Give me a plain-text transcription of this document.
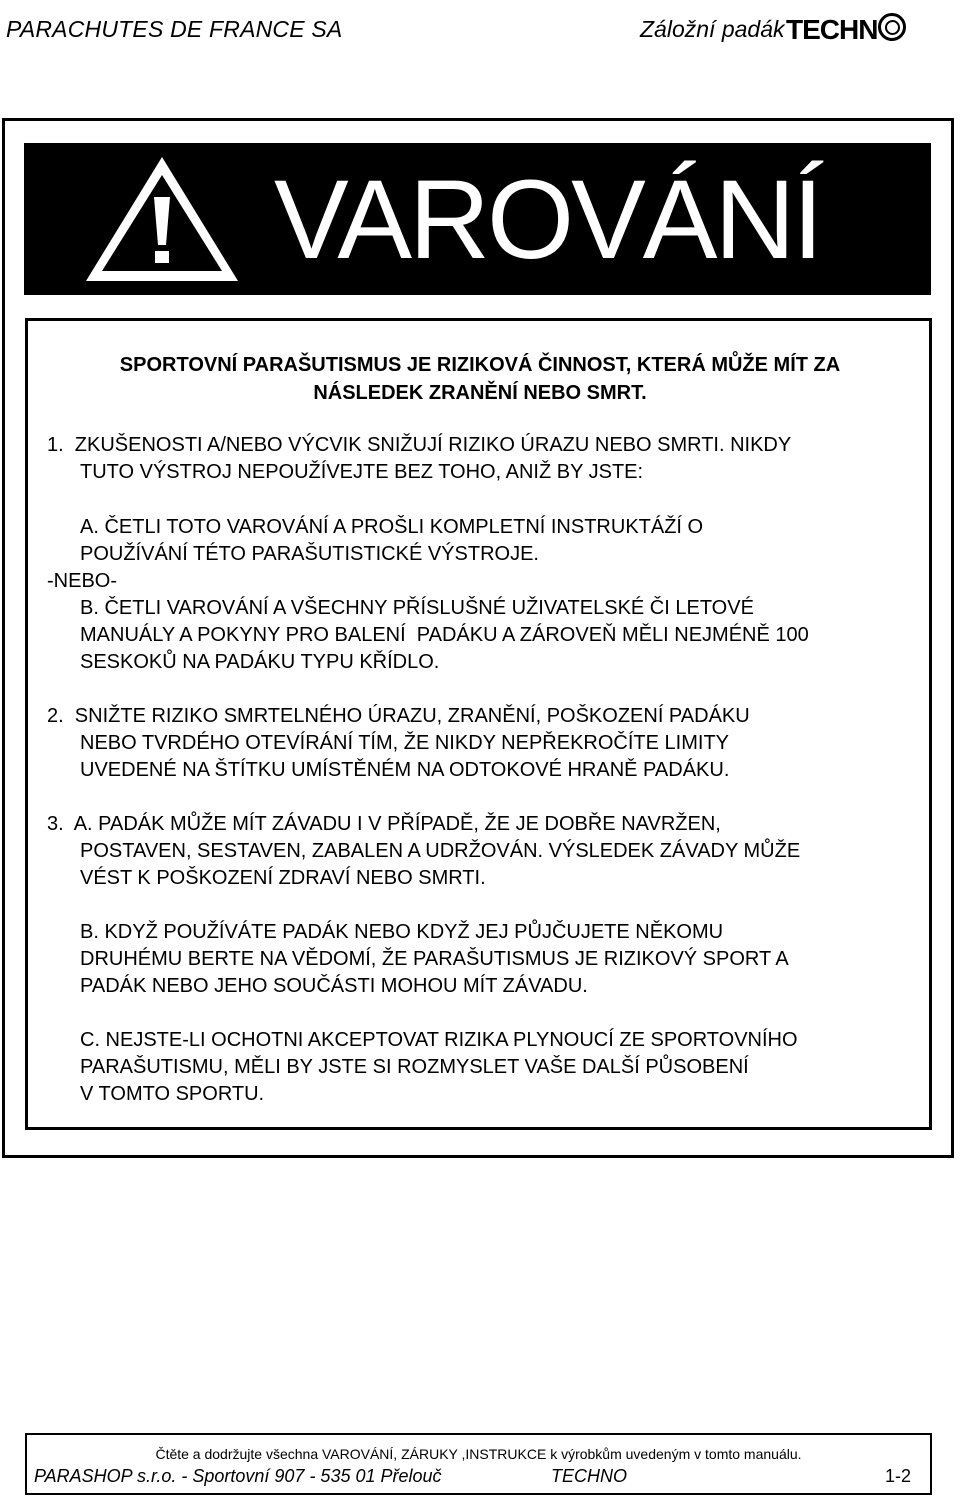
PARACHUTES DE FRANCE SA	Záložní padák TECHN
VAROVÁNÍ
SPORTOVNÍ PARAŠUTISMUS JE RIZIKOVÁ ČINNOST, KTERÁ MŮŽE MÍT ZA
NÁSLEDEK ZRANĚNÍ NEBO SMRT.
1.  ZKUŠENOSTI A/NEBO VÝCVIK SNIŽUJÍ RIZIKO ÚRAZU NEBO SMRTI. NIKDY
TUTO VÝSTROJ NEPOUŽÍVEJTE BEZ TOHO, ANIŽ BY JSTE:
A. ČETLI TOTO VAROVÁNÍ A PROŠLI KOMPLETNÍ INSTRUKTÁŽÍ O
POUŽÍVÁNÍ TÉTO PARAŠUTISTICKÉ VÝSTROJE.
-NEBO-
B. ČETLI VAROVÁNÍ A VŠECHNY PŘÍSLUŠNÉ UŽIVATELSKÉ ČI LETOVÉ
MANUÁLY A POKYNY PRO BALENÍ  PADÁKU A ZÁROVEŇ MĚLI NEJMÉNĚ 100
SESKOKŮ NA PADÁKU TYPU KŘÍDLO.
2.  SNIŽTE RIZIKO SMRTELNÉHO ÚRAZU, ZRANĚNÍ, POŠKOZENÍ PADÁKU
NEBO TVRDÉHO OTEVÍRÁNÍ TÍM, ŽE NIKDY NEPŘEKROČÍTE LIMITY
UVEDENÉ NA ŠTÍTKU UMÍSTĚNÉM NA ODTOKOVÉ HRANĚ PADÁKU.
3.  A. PADÁK MŮŽE MÍT ZÁVADU I V PŘÍPADĚ, ŽE JE DOBŘE NAVRŽEN,
POSTAVEN, SESTAVEN, ZABALEN A UDRŽOVÁN. VÝSLEDEK ZÁVADY MŮŽE
VÉST K POŠKOZENÍ ZDRAVÍ NEBO SMRTI.
B. KDYŽ POUŽÍVÁTE PADÁK NEBO KDYŽ JEJ PŮJČUJETE NĚKOMU
DRUHÉMU BERTE NA VĚDOMÍ, ŽE PARAŠUTISMUS JE RIZIKOVÝ SPORT A
PADÁK NEBO JEHO SOUČÁSTI MOHOU MÍT ZÁVADU.
C. NEJSTE-LI OCHOTNI AKCEPTOVAT RIZIKA PLYNOUCÍ ZE SPORTOVNÍHO
PARAŠUTISMU, MĚLI BY JSTE SI ROZMYSLET VAŠE DALŠÍ PŮSOBENÍ
V TOMTO SPORTU.
Čtěte a dodržujte všechna VAROVÁNÍ, ZÁRUKY ,INSTRUKCE k výrobkům uvedeným v tomto manuálu.
PARASHOP s.r.o. - Sportovní 907 - 535 01 Přelouč	TECHNO	1-2
